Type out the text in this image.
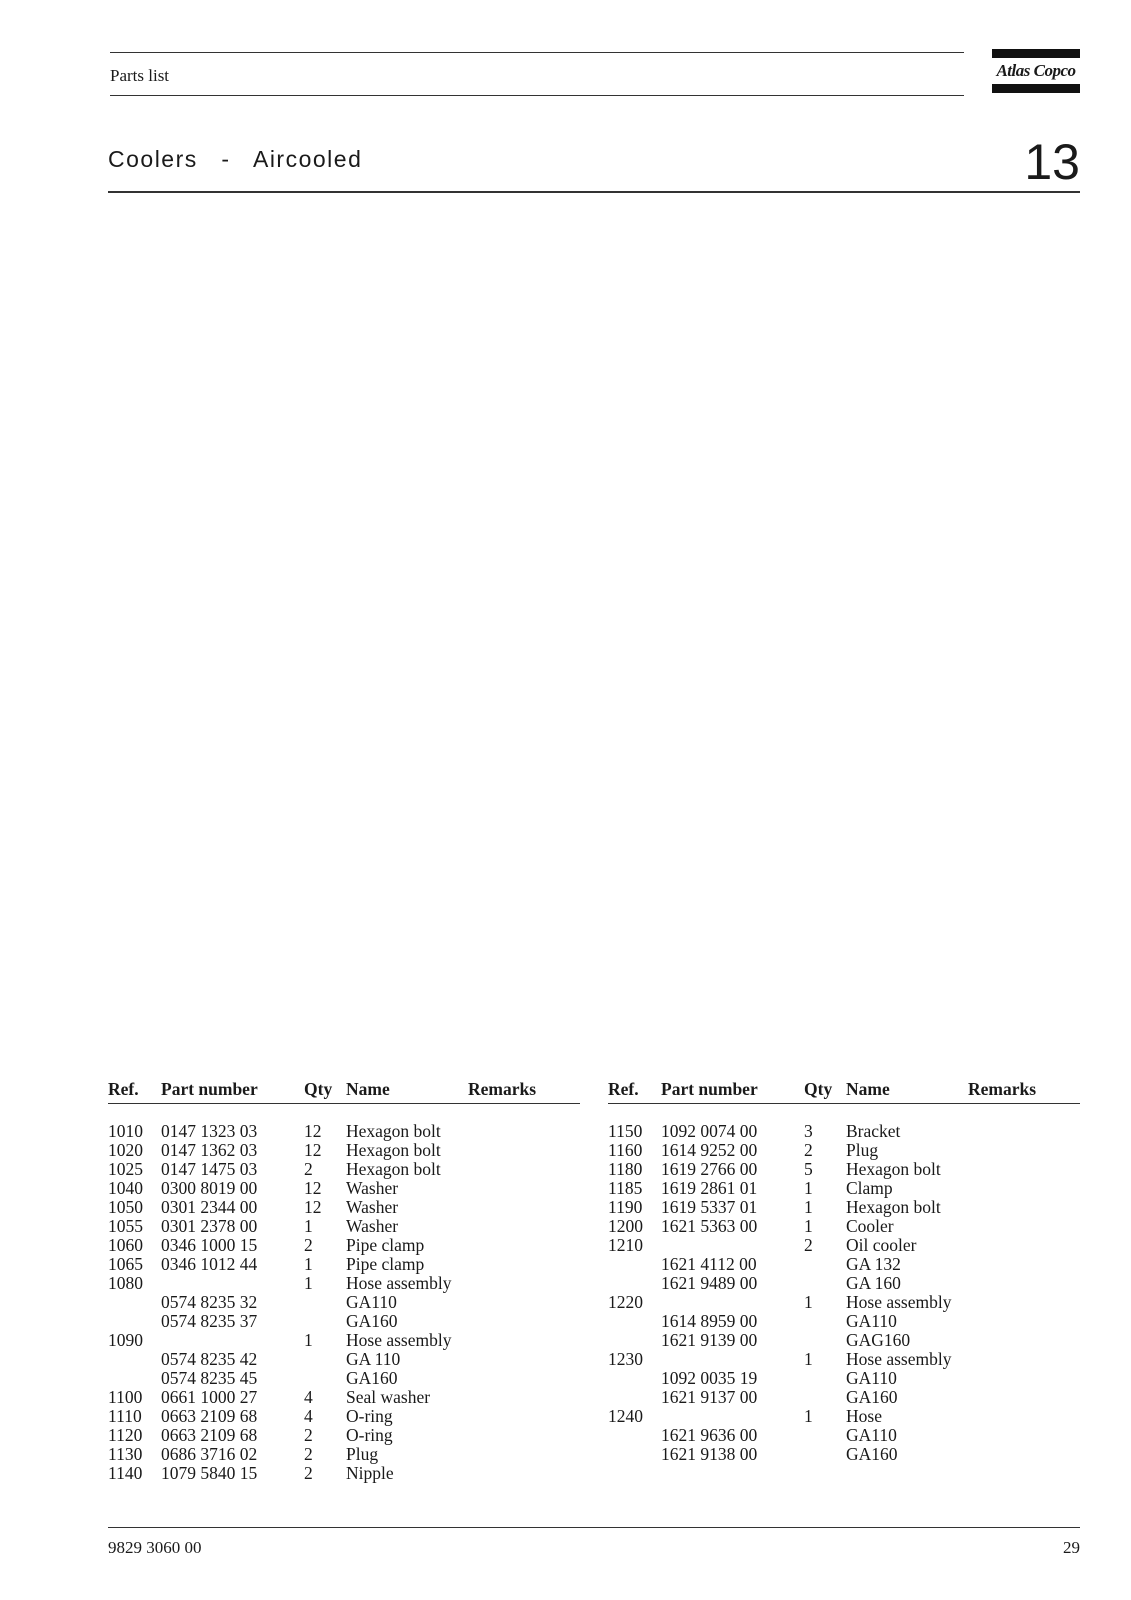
Parts list	Atlas Copco
Coolers   -   Aircooled	13
Ref. Part number	Qty Name	Remarks
1010 0147 1323 03	12 Hexagon bolt
1020 0147 1362 03	12 Hexagon bolt
1025 0147 1475 03	2 Hexagon bolt
1040 0300 8019 00	12 Washer
1050 0301 2344 00	12 Washer
1055 0301 2378 00	1 Washer
1060 0346 1000 15	2 Pipe clamp
1065 0346 1012 44	1 Pipe clamp
1080	1 Hose assembly
0574 8235 32	GA110
0574 8235 37	GA160
1090	1 Hose assembly
0574 8235 42	GA 110
0574 8235 45	GA160
1100 0661 1000 27	4 Seal washer
1110 0663 2109 68	4 O-ring
1120 0663 2109 68	2 O-ring
1130 0686 3716 02	2 Plug
1140 1079 5840 15	2 Nipple
Ref. Part number	Qty Name	Remarks
1150 1092 0074 00	3 Bracket
1160 1614 9252 00	2 Plug
1180 1619 2766 00	5 Hexagon bolt
1185 1619 2861 01	1 Clamp
1190 1619 5337 01	1 Hexagon bolt
1200 1621 5363 00	1 Cooler
1210	2 Oil cooler
1621 4112 00	GA 132
1621 9489 00	GA 160
1220	1 Hose assembly
1614 8959 00	GA110
1621 9139 00	GAG160
1230	1 Hose assembly
1092 0035 19	GA110
1621 9137 00	GA160
1240	1 Hose
1621 9636 00	GA110
1621 9138 00	GA160
9829 3060 00	29
